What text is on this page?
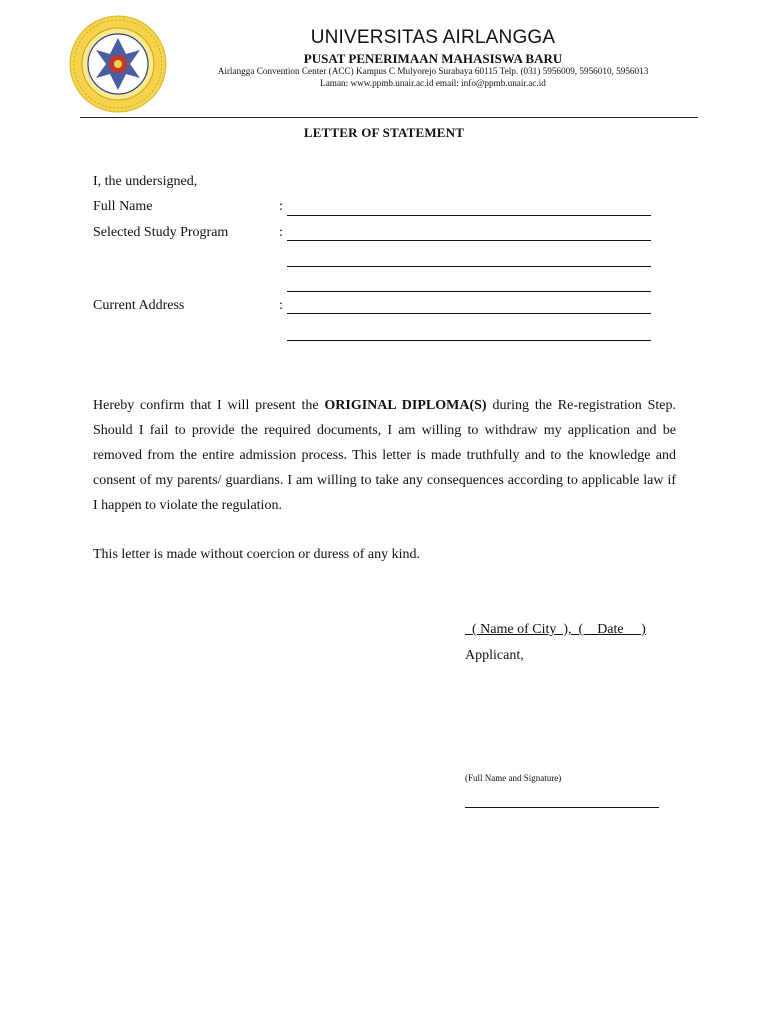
UNIVERSITAS AIRLANGGA
PUSAT PENERIMAAN MAHASISWA BARU
Airlangga Convention Center (ACC) Kampus C Mulyorejo Surabaya 60115 Telp. (031) 5956009, 5956010, 5956013
Laman: www.ppmb.unair.ac.id email: info@ppmb.unair.ac.id
LETTER OF STATEMENT
I, the undersigned,
Full Name	:
Selected Study Program	:
Current Address	:
Hereby confirm that I will present the ORIGINAL DIPLOMA(S) during the Re-registration Step. Should I fail to provide the required documents, I am willing to withdraw my application and be removed from the entire admission process. This letter is made truthfully and to the knowledge and consent of my parents/ guardians. I am willing to take any consequences according to applicable law if I happen to violate the regulation.
This letter is made without coercion or duress of any kind.
( Name of City  ),  (    Date     )
Applicant,
(Full Name and Signature)
